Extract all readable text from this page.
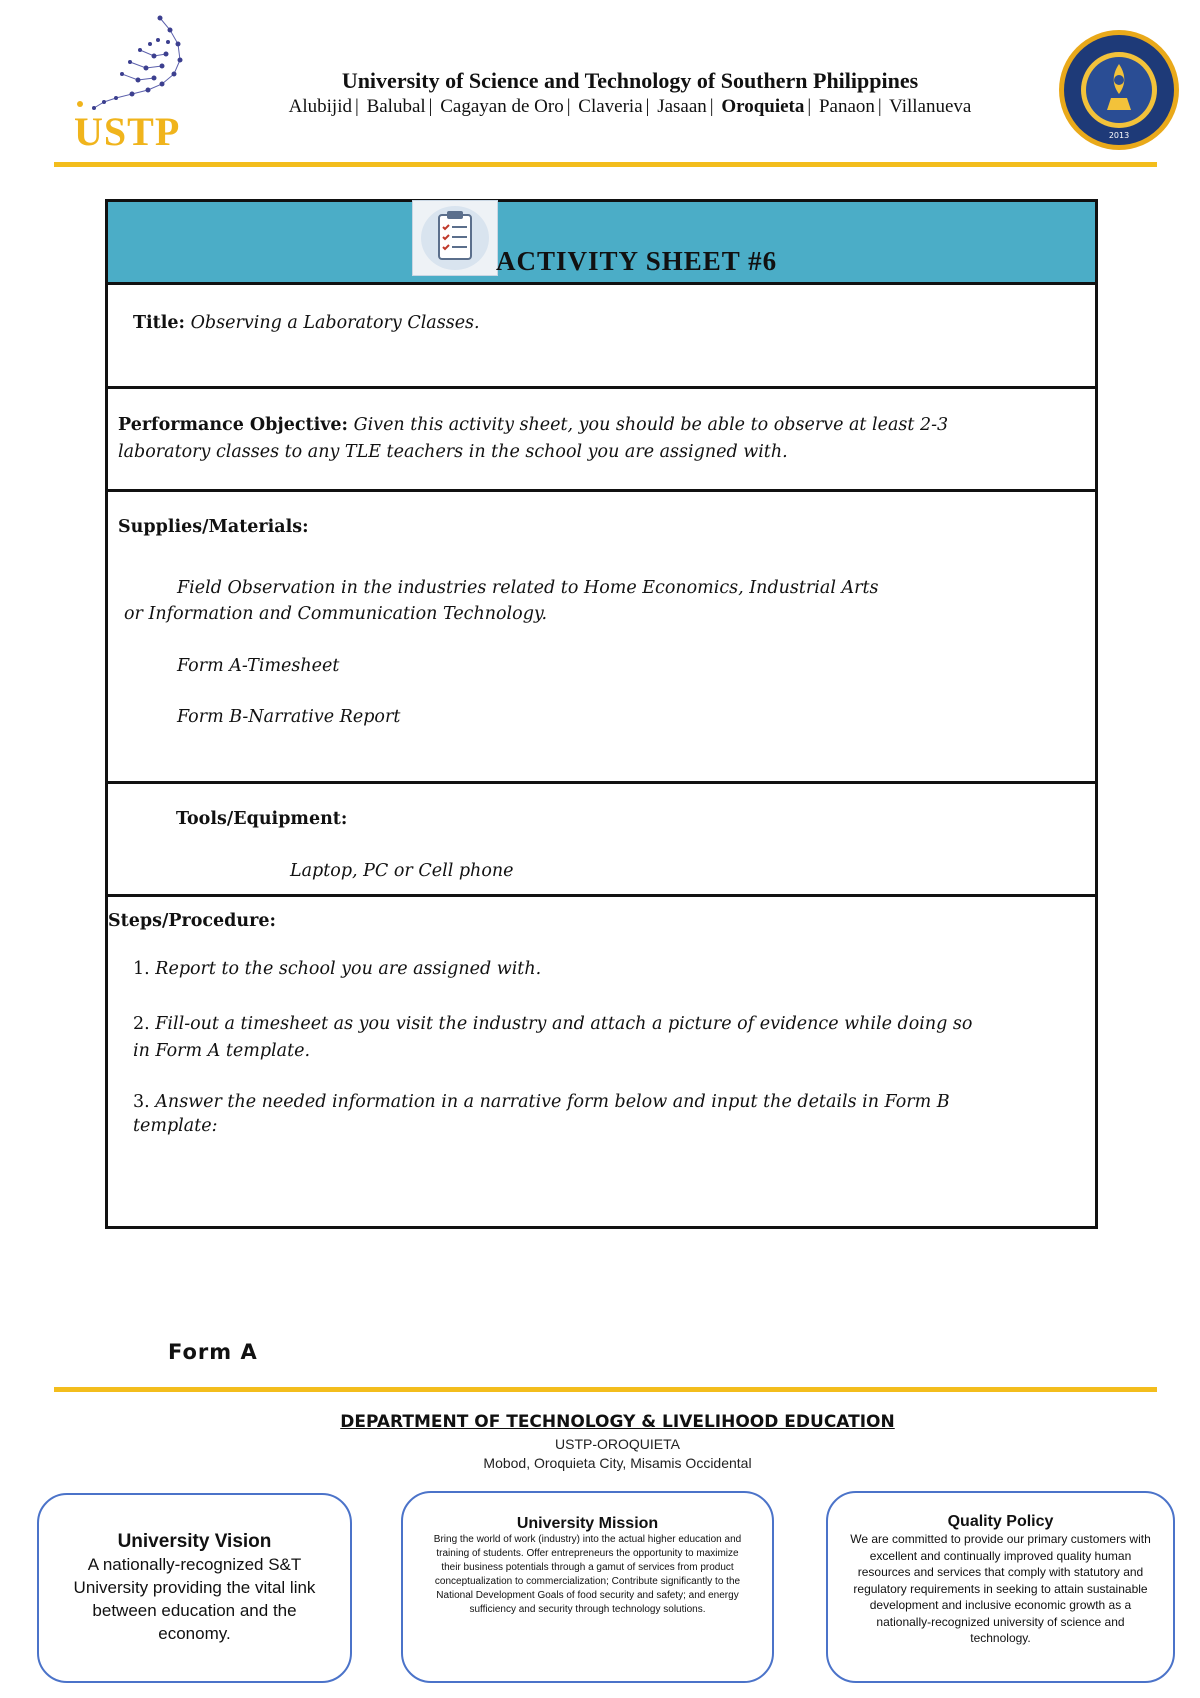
USTP
University of Science and Technology of Southern Philippines
Alubijid | Balubal | Cagayan de Oro | Claveria | Jasaan | Oroquieta | Panaon | Villanueva
2013
ACTIVITY SHEET #6
Title: Observing a Laboratory Classes.
Performance Objective: Given this activity sheet, you should be able to observe at least 2-3
laboratory classes to any TLE teachers in the school you are assigned with.
Supplies/Materials:
Field Observation in the industries related to Home Economics, Industrial Arts
or Information and Communication Technology.
Form A-Timesheet
Form B-Narrative Report
Tools/Equipment:
Laptop, PC or Cell phone
Steps/Procedure:
1. Report to the school you are assigned with.
2. Fill-out a timesheet as you visit the industry and attach a picture of evidence while doing so
in Form A template.
3. Answer the needed information in a narrative form below and input the details in Form B
template:
Form A
DEPARTMENT OF TECHNOLOGY & LIVELIHOOD EDUCATION
USTP-OROQUIETA
Mobod, Oroquieta City, Misamis Occidental
University Vision
A nationally-recognized S&T University providing the vital link between education and the economy.
University Mission
Bring the world of work (industry) into the actual higher education and training of students. Offer entrepreneurs the opportunity to maximize their business potentials through a gamut of services from product conceptualization to commercialization; Contribute significantly to the National Development Goals of food security and safety; and energy sufficiency and security through technology solutions.
Quality Policy
We are committed to provide our primary customers with excellent and continually improved quality human resources and services that comply with statutory and regulatory requirements in seeking to attain sustainable development and inclusive economic growth as a nationally-recognized university of science and technology.
